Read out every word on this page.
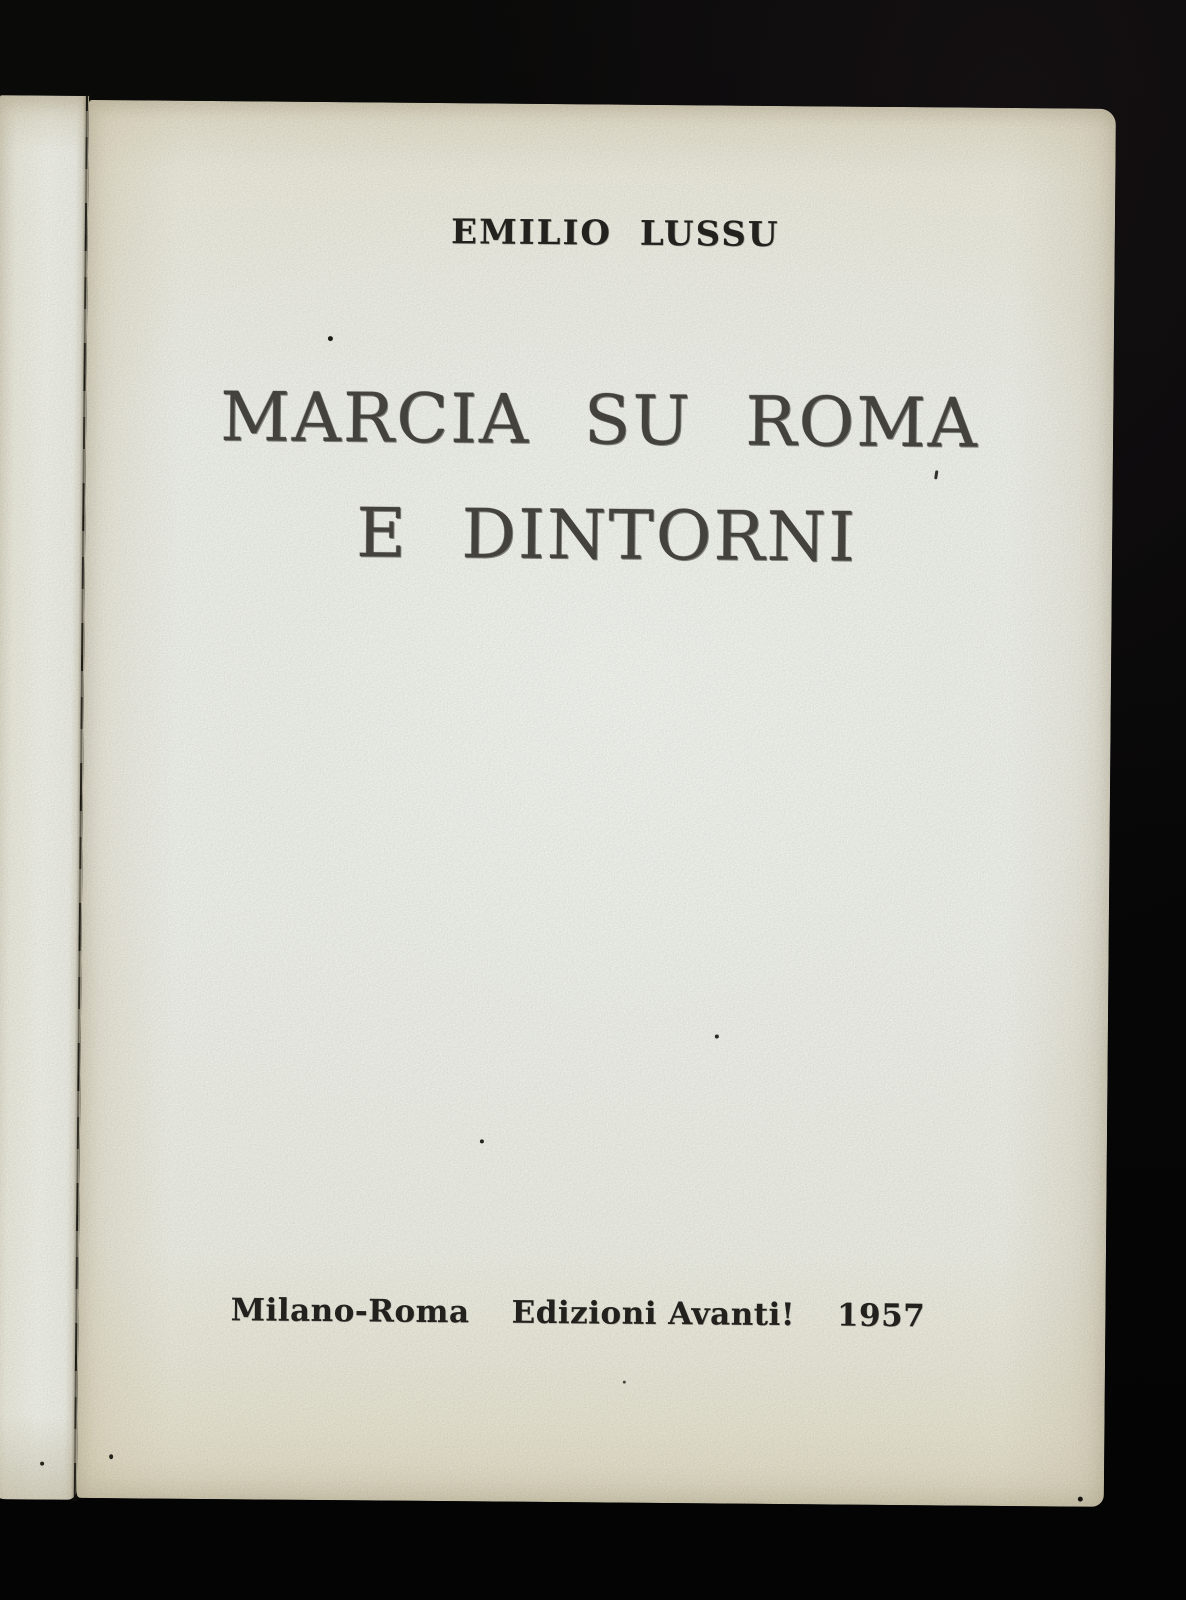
EMILIO LUSSU
MARCIA SU ROMA
E DINTORNI
Milano-Roma Edizioni Avanti! 1957
